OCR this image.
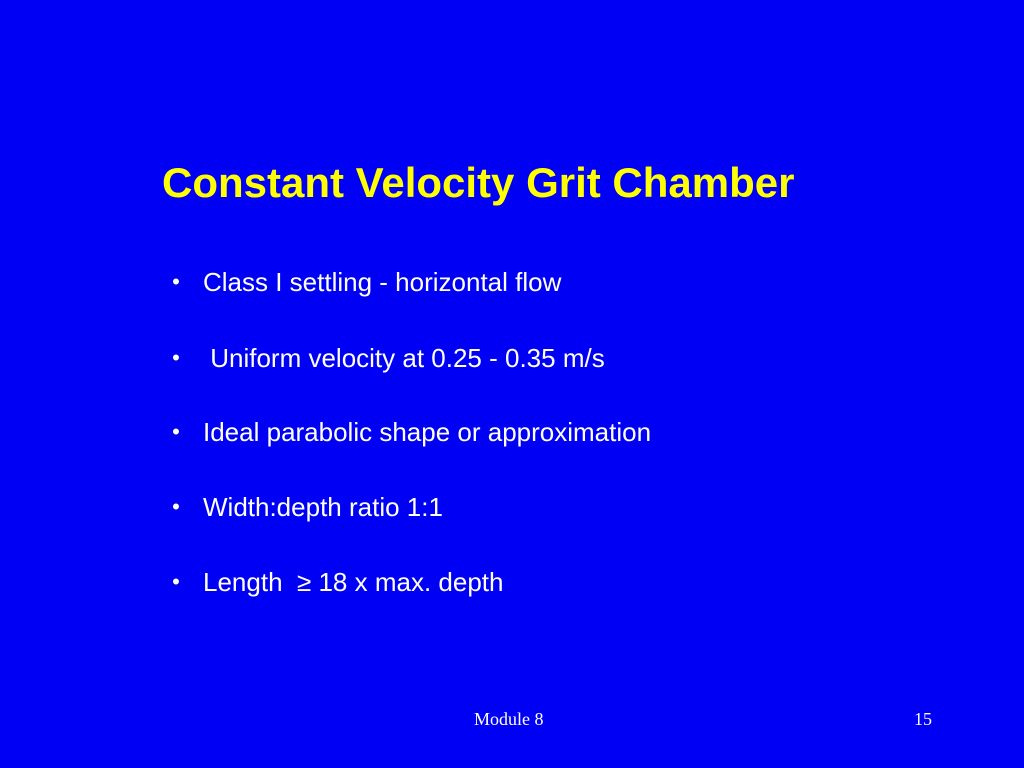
Constant Velocity Grit Chamber

•

Class I settling - horizontal flow

•

Uniform velocity at 0.25 - 0.35 m/s

•

Ideal parabolic shape or approximation

•

Width:depth ratio 1:1

•

Length  ≥ 18 x max. depth

Module 8	15
